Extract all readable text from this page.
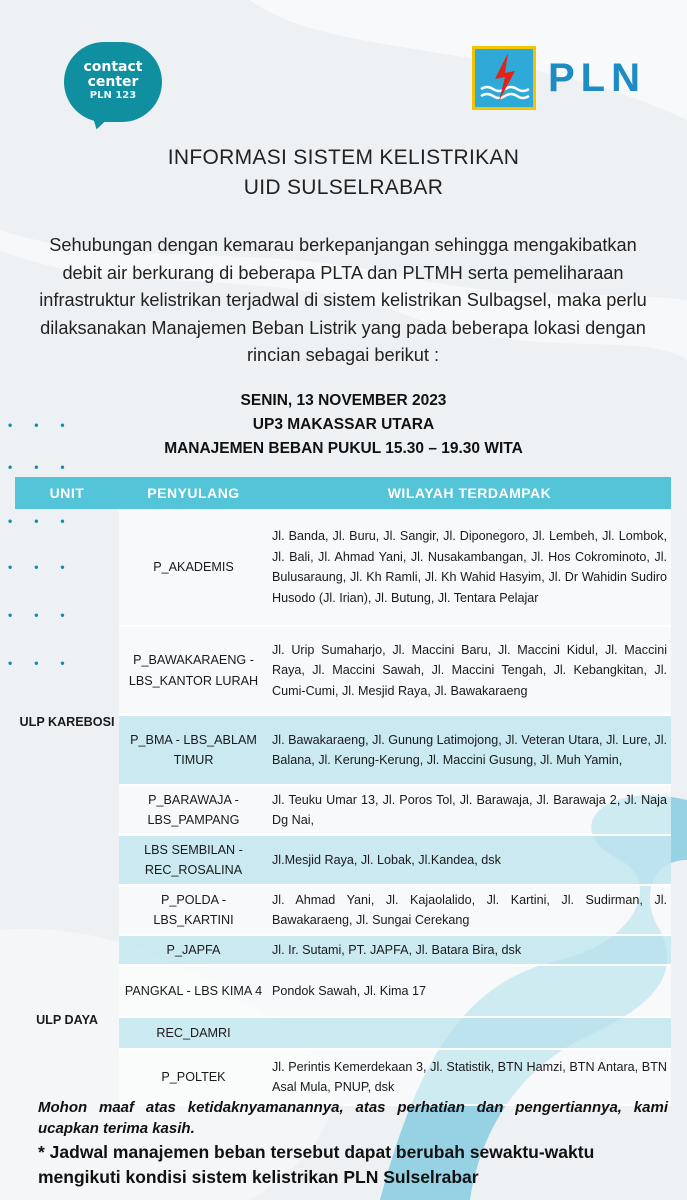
contact
center
PLN 123	PLN
INFORMASI SISTEM KELISTRIKAN
UID SULSELRABAR

Sehubungan dengan kemarau berkepanjangan sehingga mengakibatkan debit air berkurang di beberapa PLTA dan PLTMH serta pemeliharaan infrastruktur kelistrikan terjadwal di sistem kelistrikan Sulbagsel, maka perlu dilaksanakan Manajemen Beban Listrik yang pada beberapa lokasi dengan rincian sebagai berikut :

SENIN, 13 NOVEMBER 2023
UP3 MAKASSAR UTARA
MANAJEMEN BEBAN PUKUL 15.30 – 19.30 WITA
•••
•••
•••
•••
•••
•••
UNIT	PENYULANG	WILAYAH TERDAMPAK
ULP KAREBOSI	P_AKADEMIS	Jl. Banda, Jl. Buru, Jl. Sangir, Jl. Diponegoro, Jl. Lembeh, Jl. Lombok, Jl. Bali, Jl. Ahmad Yani, Jl. Nusakambangan, Jl. Hos Cokrominoto, Jl. Bulusaraung, Jl. Kh Ramli, Jl. Kh Wahid Hasyim, Jl. Dr Wahidin Sudiro Husodo (Jl. Irian), Jl. Butung, Jl. Tentara Pelajar
	P_BAWAKARAENG - LBS_KANTOR LURAH	Jl. Urip Sumaharjo, Jl. Maccini Baru, Jl. Maccini Kidul, Jl. Maccini Raya, Jl. Maccini Sawah, Jl. Maccini Tengah, Jl. Kebangkitan, Jl. Cumi-Cumi, Jl. Mesjid Raya, Jl. Bawakaraeng
	P_BMA - LBS_ABLAM TIMUR	Jl. Bawakaraeng, Jl. Gunung Latimojong, Jl. Veteran Utara, Jl. Lure, Jl. Balana, Jl. Kerung-Kerung, Jl. Maccini Gusung, Jl. Muh Yamin,
	P_BARAWAJA - LBS_PAMPANG	Jl. Teuku Umar 13, Jl. Poros Tol, Jl. Barawaja, Jl. Barawaja 2, Jl. Naja Dg Nai,
	LBS SEMBILAN - REC_ROSALINA	Jl.Mesjid Raya, Jl. Lobak, Jl.Kandea, dsk
	P_POLDA - LBS_KARTINI	Jl. Ahmad Yani, Jl. Kajaolalido, Jl. Kartini, Jl. Sudirman, Jl. Bawakaraeng, Jl. Sungai Cerekang
ULP DAYA	P_JAPFA	Jl. Ir. Sutami, PT. JAPFA, Jl. Batara Bira, dsk
	PANGKAL - LBS KIMA 4	Pondok Sawah, Jl. Kima 17
	REC_DAMRI	
	P_POLTEK	Jl. Perintis Kemerdekaan 3, Jl. Statistik, BTN Hamzi, BTN Antara, BTN Asal Mula, PNUP, dsk

Mohon maaf atas ketidaknyamanannya, atas perhatian dan pengertiannya, kami ucapkan terima kasih.

* Jadwal manajemen beban tersebut dapat berubah sewaktu-waktu mengikuti kondisi sistem kelistrikan PLN Sulselrabar
